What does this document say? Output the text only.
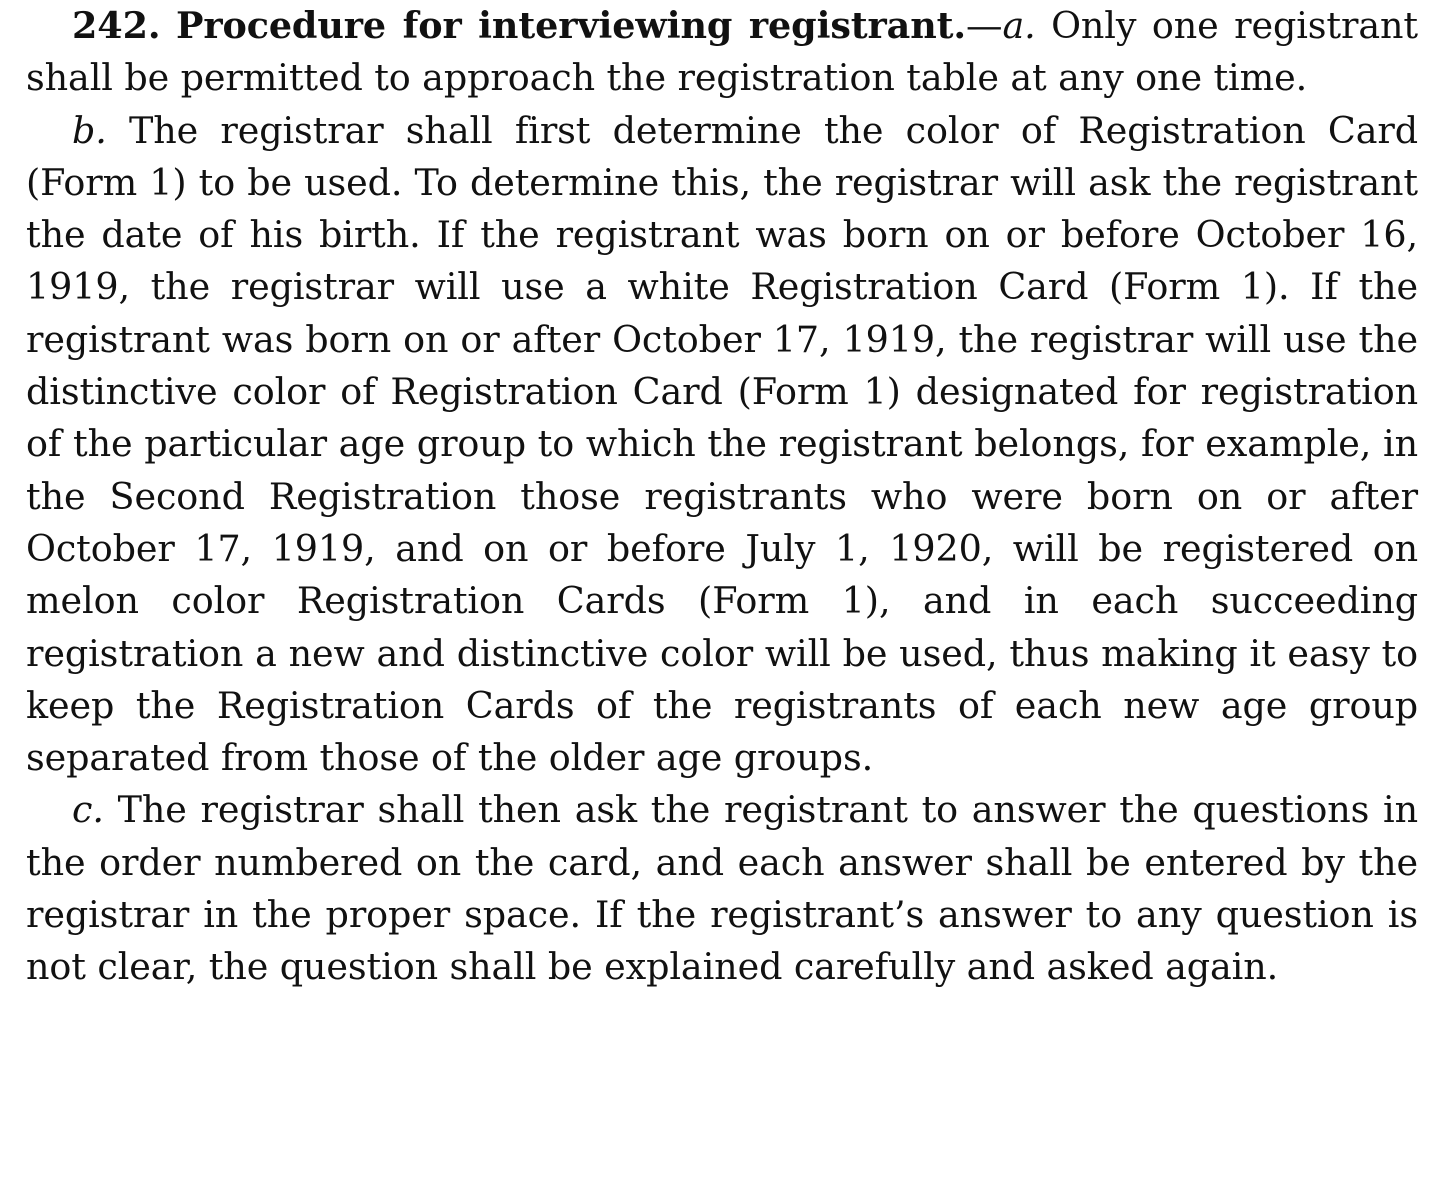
242. Procedure for interviewing registrant.—a. Only one registrant shall be permitted to approach the registration table at any one time.

b. The registrar shall first determine the color of Registration Card (Form 1) to be used. To determine this, the registrar will ask the registrant the date of his birth. If the registrant was born on or before October 16, 1919, the registrar will use a white Registration Card (Form 1). If the registrant was born on or after October 17, 1919, the registrar will use the distinctive color of Registration Card (Form 1) designated for registration of the particular age group to which the registrant belongs, for example, in the Second Registration those registrants who were born on or after October 17, 1919, and on or before July 1, 1920, will be registered on melon color Registration Cards (Form 1), and in each succeeding registration a new and distinctive color will be used, thus making it easy to keep the Registration Cards of the registrants of each new age group separated from those of the older age groups.

c. The registrar shall then ask the registrant to answer the questions in the order numbered on the card, and each answer shall be entered by the registrar in the proper space. If the registrant’s answer to any question is not clear, the question shall be explained carefully and asked again.
